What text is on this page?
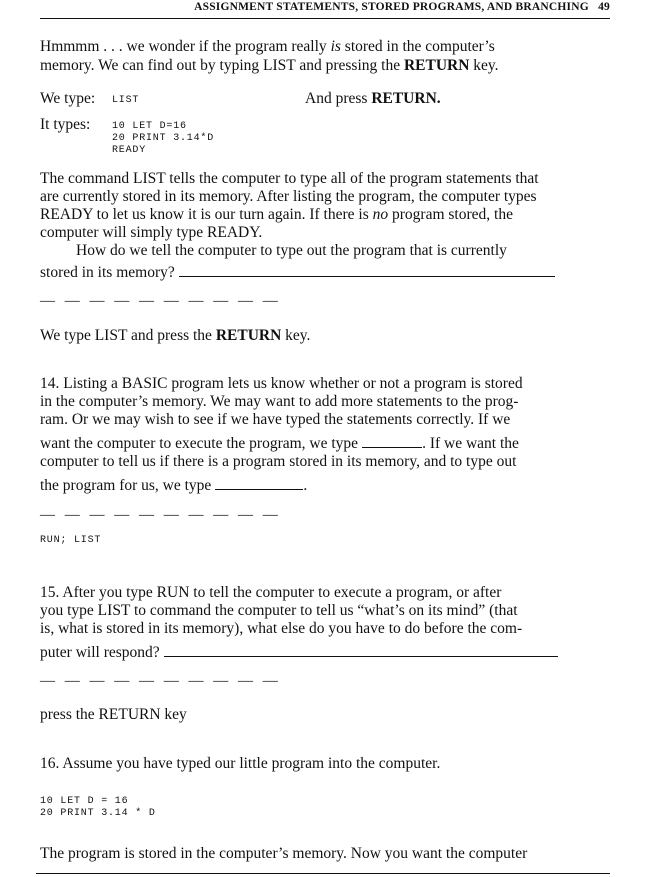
ASSIGNMENT STATEMENTS, STORED PROGRAMS, AND BRANCHING 49
Hmmmm . . . we wonder if the program really is stored in the computer’s
memory. We can find out by typing LIST and pressing the RETURN key.
We type: LIST	And press RETURN.
It types: 10 LET D=16
20 PRINT 3.14*D
READY
The command LIST tells the computer to type all of the program statements that
are currently stored in its memory. After listing the program, the computer types
READY to let us know it is our turn again. If there is no program stored, the
computer will simply type READY.
How do we tell the computer to type out the program that is currently
stored in its memory?
— — — — — — — — — —
We type LIST and press the RETURN key.
14. Listing a BASIC program lets us know whether or not a program is stored
in the computer’s memory. We may want to add more statements to the prog-
ram. Or we may wish to see if we have typed the statements correctly. If we
want the computer to execute the program, we type	. If we want the
computer to tell us if there is a program stored in its memory, and to type out
the program for us, we type	.
— — — — — — — — — —
RUN; LIST
15. After you type RUN to tell the computer to execute a program, or after
you type LIST to command the computer to tell us “what’s on its mind” (that
is, what is stored in its memory), what else do you have to do before the com-
puter will respond?
— — — — — — — — — —
press the RETURN key
16. Assume you have typed our little program into the computer.
10 LET D = 16
20 PRINT 3.14 * D
The program is stored in the computer’s memory. Now you want the computer
